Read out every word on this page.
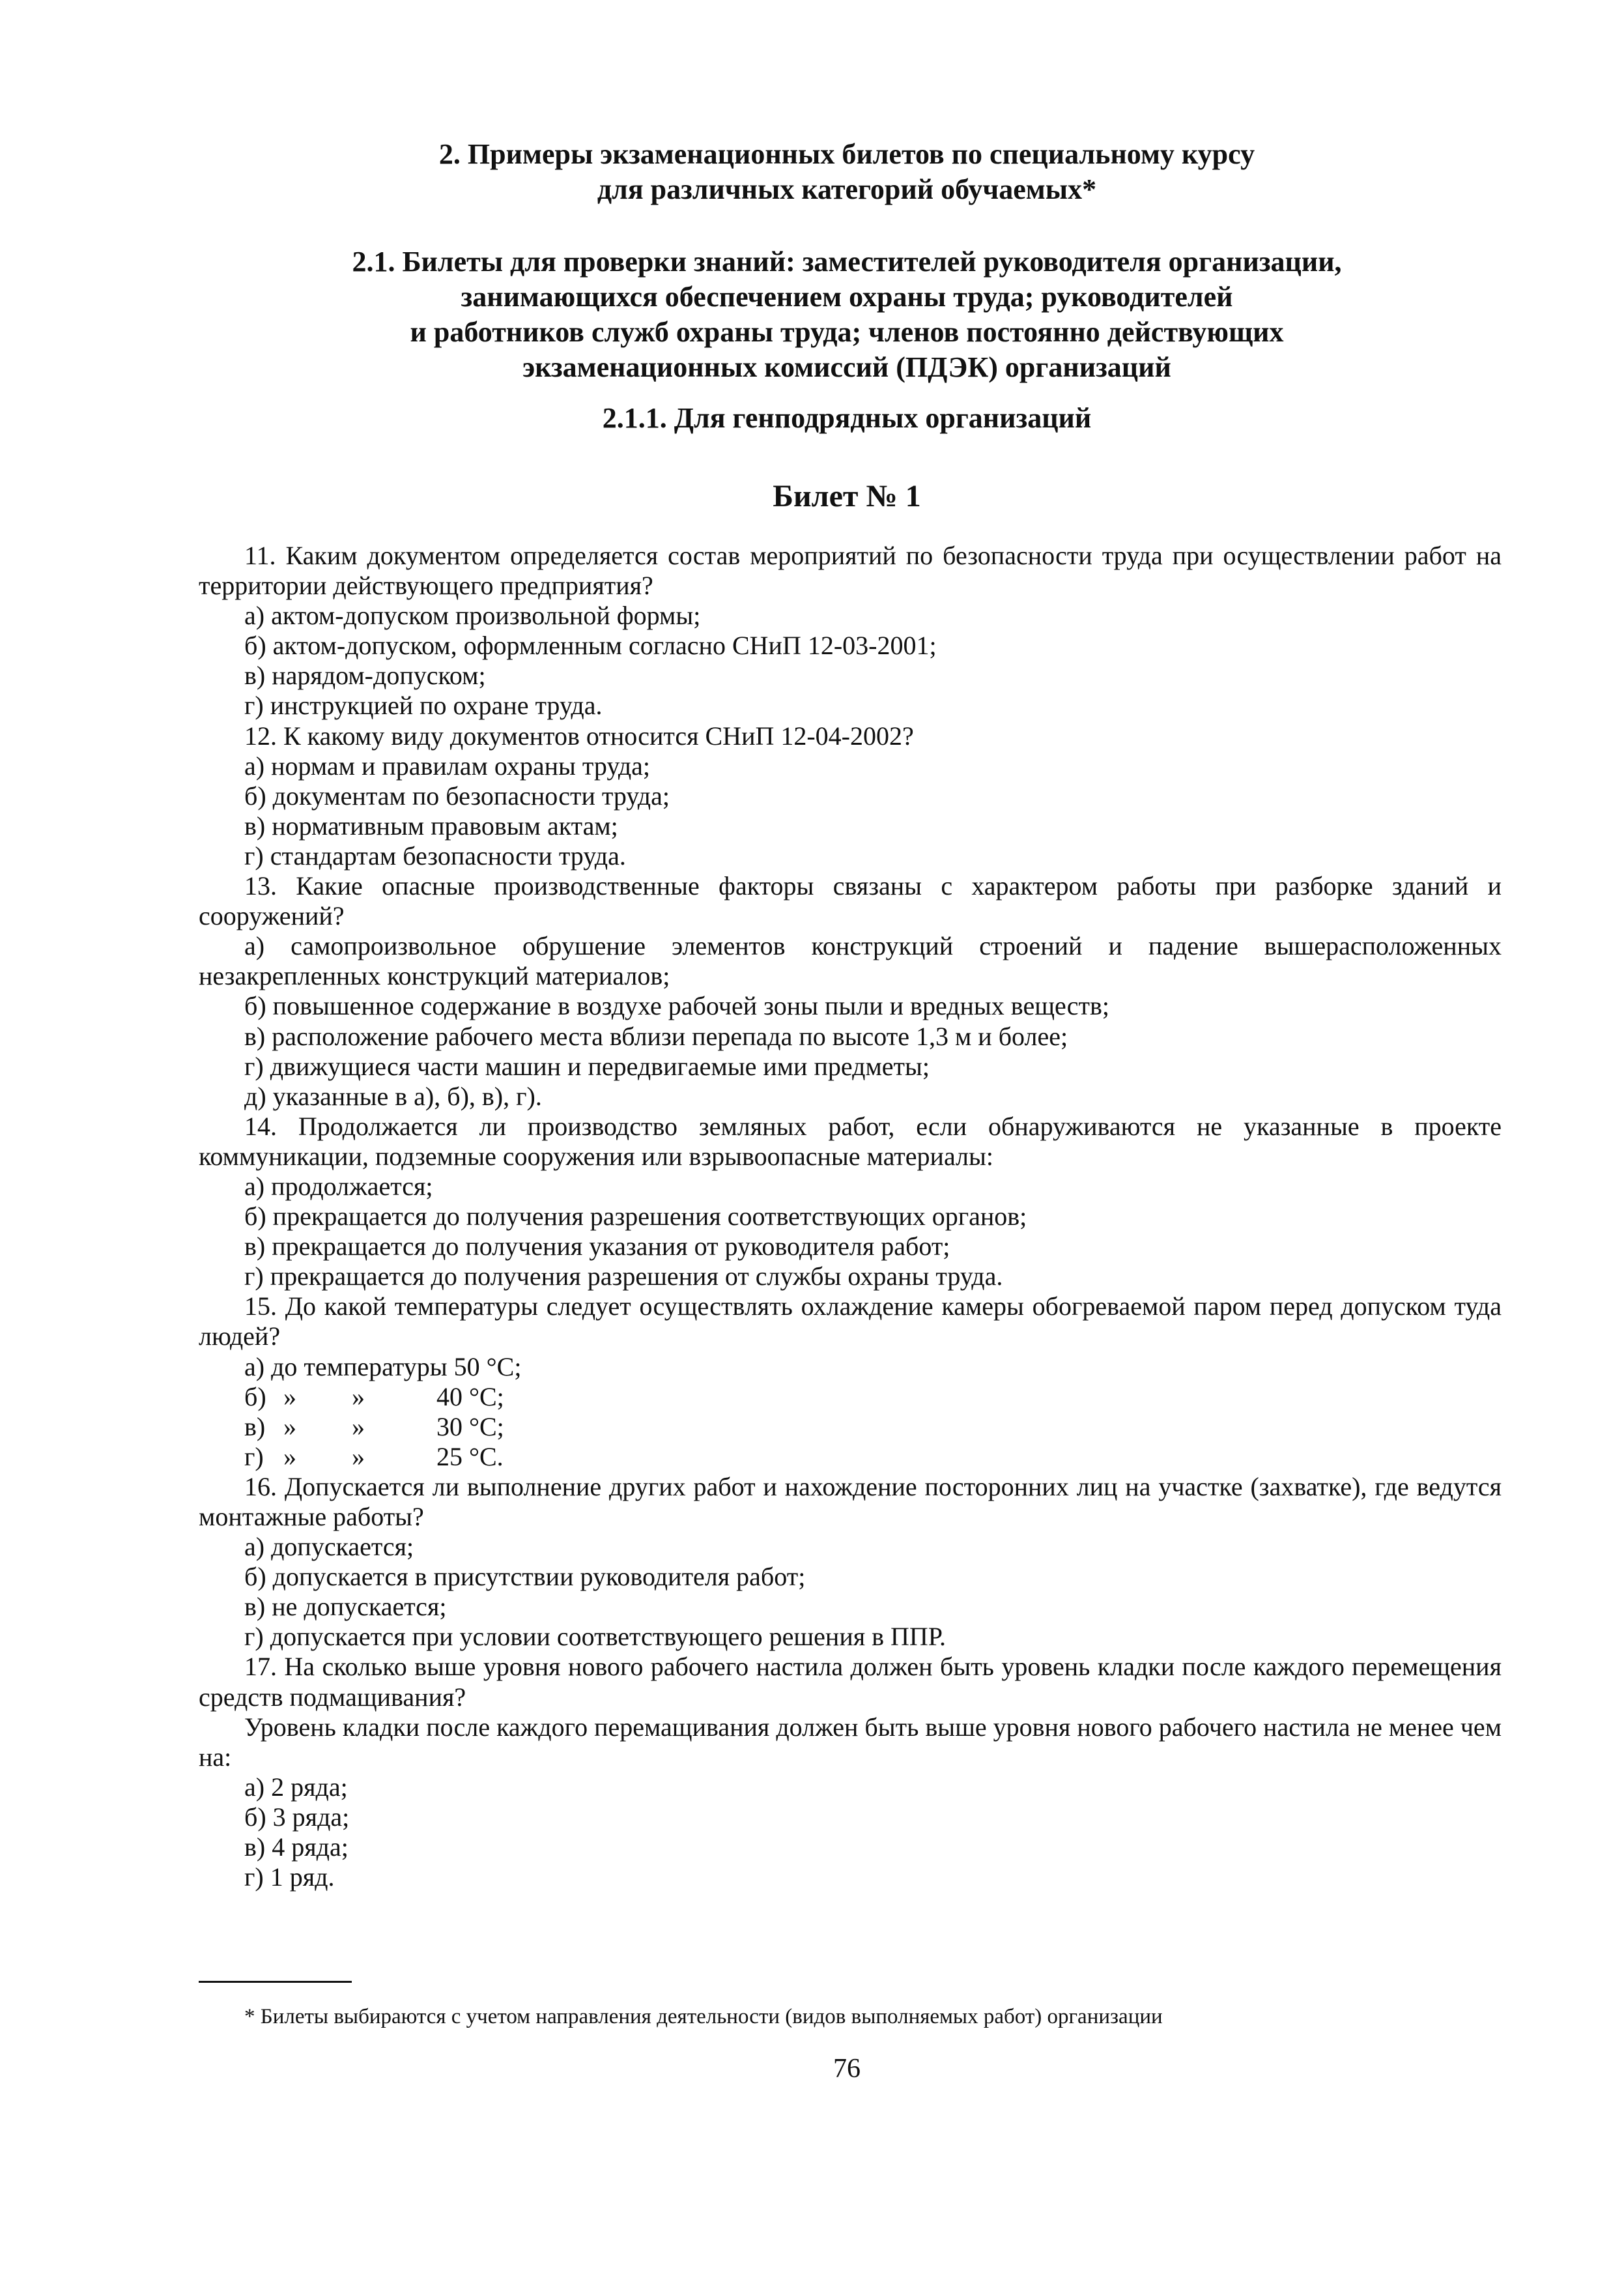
2. Примеры экзаменационных билетов по специальному курсу
для различных категорий обучаемых*
2.1. Билеты для проверки знаний: заместителей руководителя организации,
занимающихся обеспечением охраны труда; руководителей
и работников служб охраны труда; членов постоянно действующих
экзаменационных комиссий (ПДЭК) организаций
2.1.1. Для генподрядных организаций
Билет № 1
11. Каким документом определяется состав мероприятий по безопасности труда при осуществлении работ на территории действующего предприятия?
а) актом-допуском произвольной формы;
б) актом-допуском, оформленным согласно СНиП 12-03-2001;
в) нарядом-допуском;
г) инструкцией по охране труда.
12. К какому виду документов относится СНиП 12-04-2002?
а) нормам и правилам охраны труда;
б) документам по безопасности труда;
в) нормативным правовым актам;
г) стандартам безопасности труда.
13. Какие опасные производственные факторы связаны с характером работы при разборке зданий и сооружений?
а) самопроизвольное обрушение элементов конструкций строений и падение вышерасположенных незакрепленных конструкций материалов;
б) повышенное содержание в воздухе рабочей зоны пыли и вредных веществ;
в) расположение рабочего места вблизи перепада по высоте 1,3 м и более;
г) движущиеся части машин и передвигаемые ими предметы;
д) указанные в а), б), в), г).
14. Продолжается ли производство земляных работ, если обнаруживаются не указанные в проекте коммуникации, подземные сооружения или взрывоопасные материалы:
а) продолжается;
б) прекращается до получения разрешения соответствующих органов;
в) прекращается до получения указания от руководителя работ;
г) прекращается до получения разрешения от службы охраны труда.
15. До какой температуры следует осуществлять охлаждение камеры обогреваемой паром перед допуском туда людей?
а) до температуры 50 °С;
б) »	»	40 °С;
в) »	»	30 °С;
г) »	»	25 °С.
16. Допускается ли выполнение других работ и нахождение посторонних лиц на участке (захватке), где ведутся монтажные работы?
а) допускается;
б) допускается в присутствии руководителя работ;
в) не допускается;
г) допускается при условии соответствующего решения в ППР.
17. На сколько выше уровня нового рабочего настила должен быть уровень кладки после каждого перемещения средств подмащивания?
Уровень кладки после каждого перемащивания должен быть выше уровня нового рабочего настила не менее чем на:
а) 2 ряда;
б) 3 ряда;
в) 4 ряда;
г) 1 ряд.
* Билеты выбираются с учетом направления деятельности (видов выполняемых работ) организации
76
